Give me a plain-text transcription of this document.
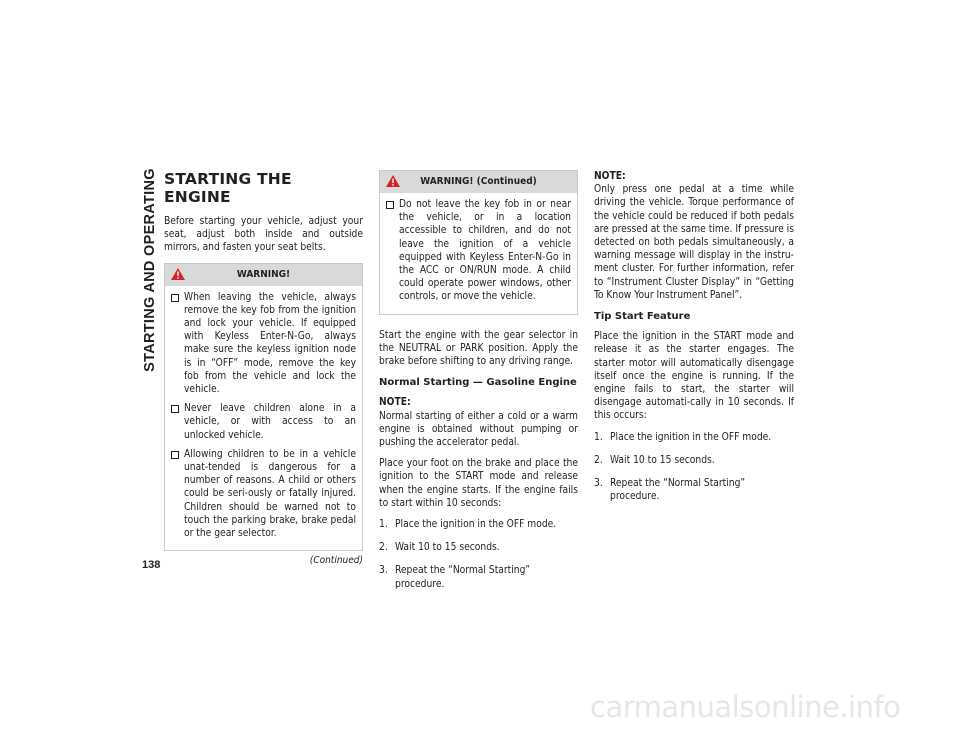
STARTING AND OPERATING
138
STARTING THE ENGINE

Before starting your vehicle, adjust your seat, adjust both inside and outside mirrors, and fasten your seat belts.

WARNING!
When leaving the vehicle, always remove the key fob from the ignition and lock your vehicle. If equipped with Keyless Enter-N-Go, always make sure the keyless ignition node is in “OFF” mode, remove the key fob from the vehicle and lock the vehicle.
Never leave children alone in a vehicle, or with access to an unlocked vehicle.
Allowing children to be in a vehicle unat-tended is dangerous for a number of reasons. A child or others could be seri-ously or fatally injured. Children should be warned not to touch the parking brake, brake pedal or the gear selector.
(Continued)
WARNING! (Continued)
Do not leave the key fob in or near the vehicle, or in a location accessible to children, and do not leave the ignition of a vehicle equipped with Keyless Enter-N-Go in the ACC or ON/RUN mode. A child could operate power windows, other controls, or move the vehicle.

Start the engine with the gear selector in the NEUTRAL or PARK position. Apply the brake before shifting to any driving range.

Normal Starting — Gasoline Engine
NOTE:

Normal starting of either a cold or a warm engine is obtained without pumping or pushing the accelerator pedal.

Place your foot on the brake and place the ignition to the START mode and release when the engine starts. If the engine fails to start within 10 seconds:

1. Place the ignition in the OFF mode.
2. Wait 10 to 15 seconds.
3. Repeat the “Normal Starting” procedure.
NOTE:

Only press one pedal at a time while driving the vehicle. Torque performance of the vehicle could be reduced if both pedals are pressed at the same time. If pressure is detected on both pedals simultaneously, a warning message will display in the instru-ment cluster. For further information, refer to “Instrument Cluster Display” in “Getting To Know Your Instrument Panel”.

Tip Start Feature

Place the ignition in the START mode and release it as the starter engages. The starter motor will automatically disengage itself once the engine is running. If the engine fails to start, the starter will disengage automati-cally in 10 seconds. If this occurs:

1. Place the ignition in the OFF mode.
2. Wait 10 to 15 seconds.
3. Repeat the “Normal Starting” procedure.
carmanualsonline.info
